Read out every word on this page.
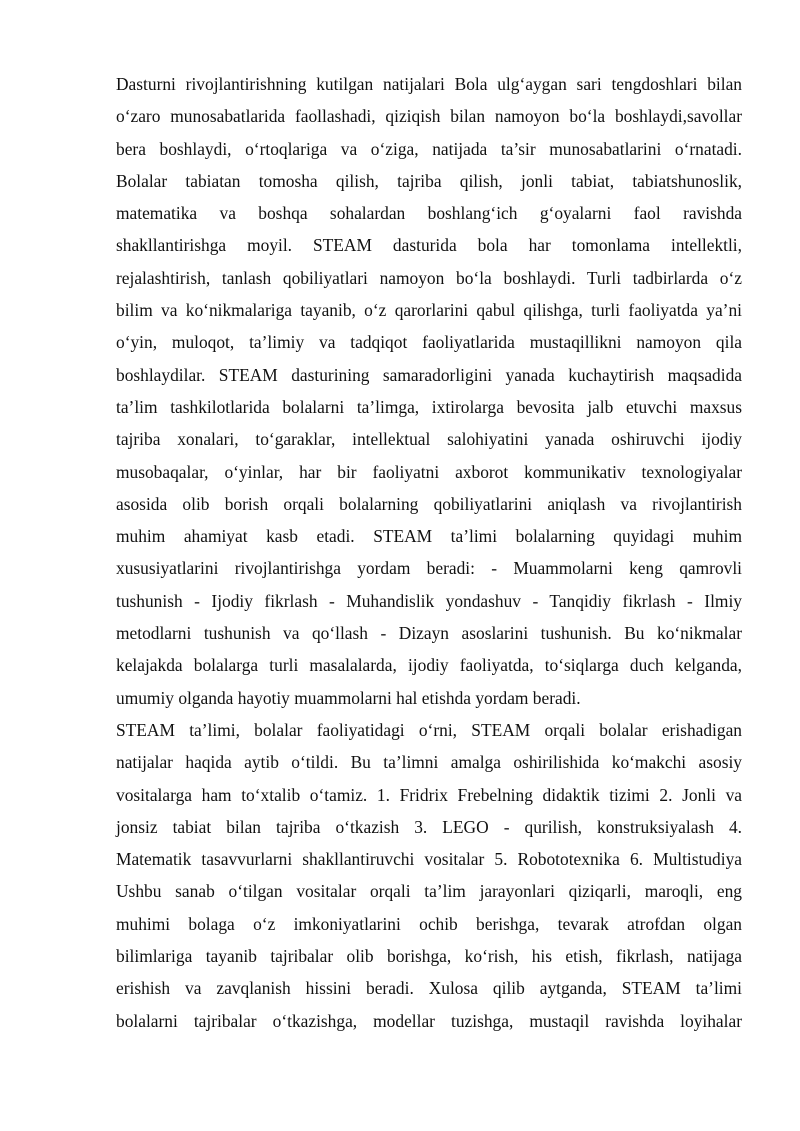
Dasturni rivojlantirishning kutilgan natijalari Bola ulg‘aygan sari tengdoshlari bilan
o‘zaro munosabatlarida faollashadi, qiziqish bilan namoyon bo‘la boshlaydi,savollar
bera boshlaydi, o‘rtoqlariga va o‘ziga, natijada ta’sir munosabatlarini o‘rnatadi.
Bolalar tabiatan tomosha qilish, tajriba qilish, jonli tabiat, tabiatshunoslik,
matematika va boshqa sohalardan boshlang‘ich g‘oyalarni faol ravishda
shakllantirishga moyil. STEAM dasturida bola har tomonlama intellektli,
rejalashtirish, tanlash qobiliyatlari namoyon bo‘la boshlaydi. Turli tadbirlarda o‘z
bilim va ko‘nikmalariga tayanib, o‘z qarorlarini qabul qilishga, turli faoliyatda ya’ni
o‘yin, muloqot, ta’limiy va tadqiqot faoliyatlarida mustaqillikni namoyon qila
boshlaydilar. STEAM dasturining samaradorligini yanada kuchaytirish maqsadida
ta’lim tashkilotlarida bolalarni ta’limga, ixtirolarga bevosita jalb etuvchi maxsus
tajriba xonalari, to‘garaklar, intellektual salohiyatini yanada oshiruvchi ijodiy
musobaqalar, o‘yinlar, har bir faoliyatni axborot kommunikativ texnologiyalar
asosida olib borish orqali bolalarning qobiliyatlarini aniqlash va rivojlantirish
muhim ahamiyat kasb etadi. STEAM ta’limi bolalarning quyidagi muhim
xususiyatlarini rivojlantirishga yordam beradi: - Muammolarni keng qamrovli
tushunish - Ijodiy fikrlash - Muhandislik yondashuv - Tanqidiy fikrlash - Ilmiy
metodlarni tushunish va qo‘llash - Dizayn asoslarini tushunish. Bu ko‘nikmalar
kelajakda bolalarga turli masalalarda, ijodiy faoliyatda, to‘siqlarga duch kelganda,
umumiy olganda hayotiy muammolarni hal etishda yordam beradi.
STEAM ta’limi, bolalar faoliyatidagi o‘rni, STEAM orqali bolalar erishadigan
natijalar haqida aytib o‘tildi. Bu ta’limni amalga oshirilishida ko‘makchi asosiy
vositalarga ham to‘xtalib o‘tamiz. 1. Fridrix Frebelning didaktik tizimi 2. Jonli va
jonsiz tabiat bilan tajriba o‘tkazish 3. LEGO - qurilish, konstruksiyalash 4.
Matematik tasavvurlarni shakllantiruvchi vositalar 5. Robototexnika 6. Multistudiya
Ushbu sanab o‘tilgan vositalar orqali ta’lim jarayonlari qiziqarli, maroqli, eng
muhimi bolaga o‘z imkoniyatlarini ochib berishga, tevarak atrofdan olgan
bilimlariga tayanib tajribalar olib borishga, ko‘rish, his etish, fikrlash, natijaga
erishish va zavqlanish hissini beradi. Xulosa qilib aytganda, STEAM ta’limi
bolalarni tajribalar o‘tkazishga, modellar tuzishga, mustaqil ravishda loyihalar
